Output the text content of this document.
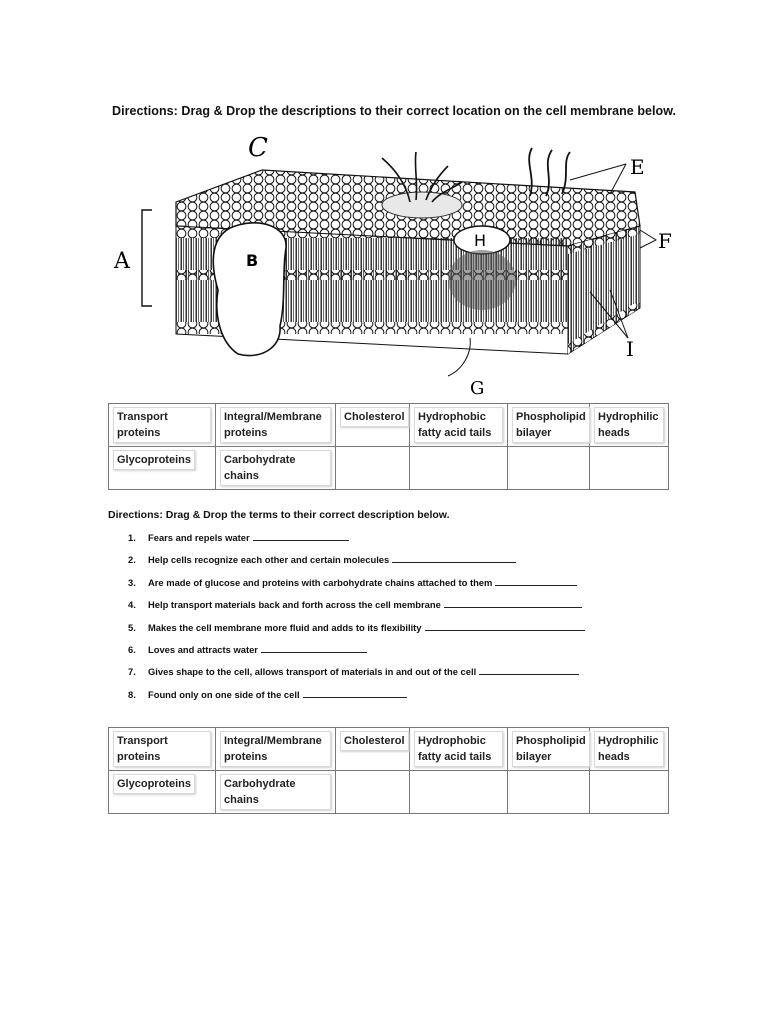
Directions: Drag & Drop the descriptions to their correct location on the cell membrane below.
C
E
A	B
H	F
I
G
Transport proteins	Integral/Membrane proteins	Cholesterol	Hydrophobic fatty acid tails	Phospholipid bilayer	Hydrophilic heads
Glycoproteins	Carbohydrate chains				
Directions: Drag & Drop the terms to their correct description below.
1. Fears and repels water
2. Help cells recognize each other and certain molecules
3. Are made of glucose and proteins with carbohydrate chains attached to them
4. Help transport materials back and forth across the cell membrane
5. Makes the cell membrane more fluid and adds to its flexibility
6. Loves and attracts water
7. Gives shape to the cell, allows transport of materials in and out of the cell
8. Found only on one side of the cell
Transport proteins	Integral/Membrane proteins	Cholesterol	Hydrophobic fatty acid tails	Phospholipid bilayer	Hydrophilic heads
Glycoproteins	Carbohydrate chains				
